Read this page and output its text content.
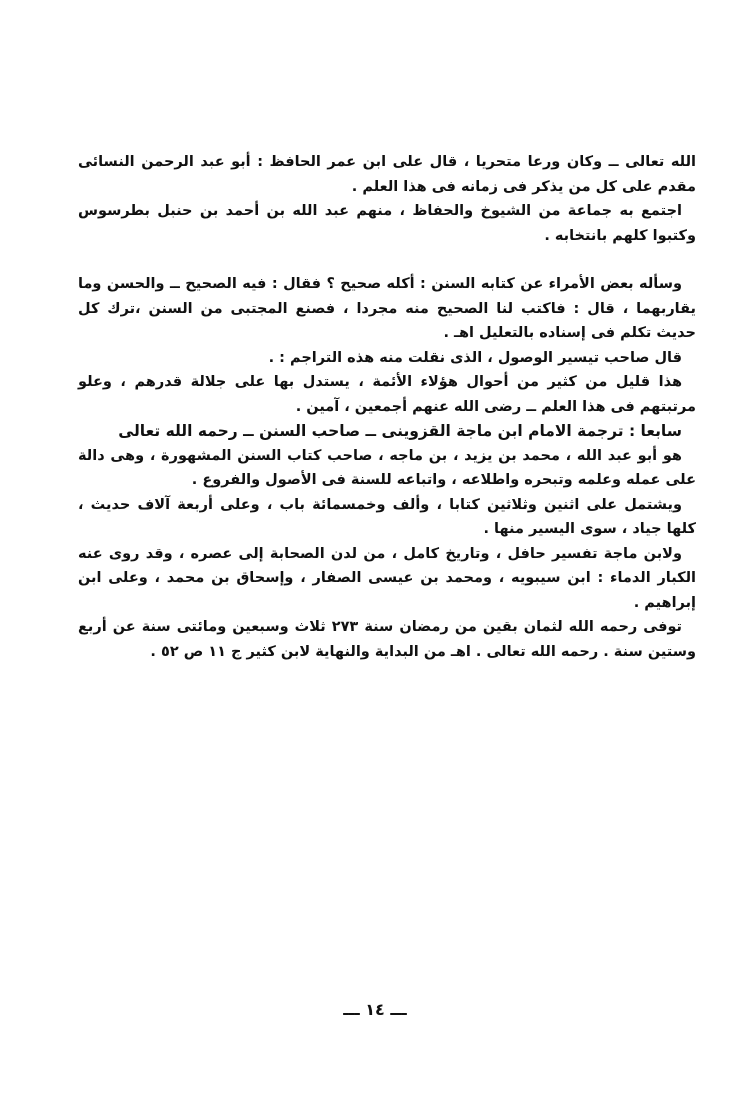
الله تعالى ــ وكان ورعا متحريا ، قال على ابن عمر الحافظ : أبو عبد الرحمن النسائى مقدم على كل من يذكر فى زمانه فى هذا العلم .

اجتمع به جماعة من الشيوخ والحفاظ ، منهم عبد الله بن أحمد بن حنبل بطرسوس وكتبوا كلهم بانتخابه .

وسأله بعض الأمراء عن كتابه السنن : أكله صحيح ؟ فقال : فيه الصحيح ــ والحسن وما يقاربهما ، قال : فاكتب لنا الصحيح منه مجردا ، فصنع المجتبى من السنن ،ترك كل حديث تكلم فى إسناده بالتعليل اهـ .

قال صاحب تيسير الوصول ، الذى نقلت منه هذه التراجم : .

هذا قليل من كثير من أحوال هؤلاء الأئمة ، يستدل بها على جلالة قدرهم ، وعلو مرتبتهم فى هذا العلم ــ رضى الله عنهم أجمعين ، آمين .

سابعا : ترجمة الامام ابن ماجة القزوينى ــ صاحب السنن ــ رحمه الله تعالى

هو أبو عبد الله ، محمد بن يزيد ، بن ماجه ، صاحب كتاب السنن المشهورة ، وهى دالة على عمله وعلمه وتبحره واطلاعه ، واتباعه للسنة فى الأصول والفروع .

ويشتمل على اثنين وثلاثين كتابا ، وألف وخمسمائة باب ، وعلى أربعة آلاف حديث ، كلها جياد ، سوى اليسير منها .

ولابن ماجة تفسير حافل ، وتاريخ كامل ، من لدن الصحابة إلى عصره ، وقد روى عنه الكبار الدماء : ابن سيبويه ، ومحمد بن عيسى الصفار ، وإسحاق بن محمد ، وعلى ابن إبراهيم .

توفى رحمه الله لثمان بقين من رمضان سنة ٢٧٣ ثلاث وسبعين ومائتى سنة عن أربع وستين سنة . رحمه الله تعالى . اهـ من البداية والنهاية لابن كثير ج ١١ ص ٥٢ .

ـــ ١٤ ـــ
